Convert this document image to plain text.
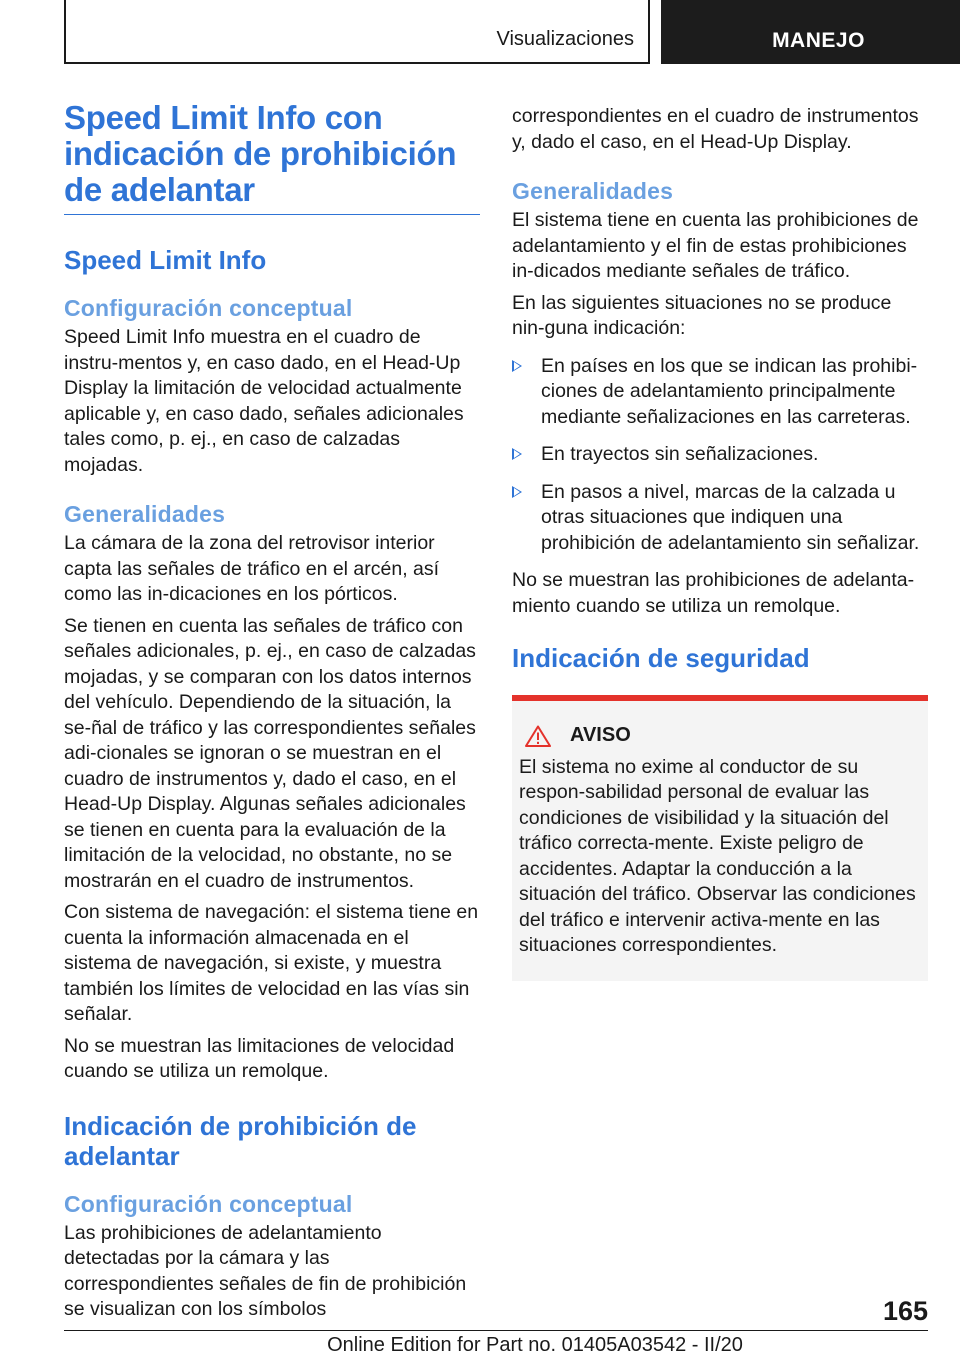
Visualizaciones	MANEJO
Speed Limit Info con indicación de prohibición de adelantar
Speed Limit Info
Configuración conceptual

Speed Limit Info muestra en el cuadro de instru‐mentos y, en caso dado, en el Head-Up Display la limitación de velocidad actualmente aplicable y, en caso dado, señales adicionales tales como, p. ej., en caso de calzadas mojadas.

Generalidades

La cámara de la zona del retrovisor interior capta las señales de tráfico en el arcén, así como las in‐dicaciones en los pórticos.

Se tienen en cuenta las señales de tráfico con señales adicionales, p. ej., en caso de calzadas mojadas, y se comparan con los datos internos del vehículo. Dependiendo de la situación, la se‐ñal de tráfico y las correspondientes señales adi‐cionales se ignoran o se muestran en el cuadro de instrumentos y, dado el caso, en el Head-Up Display. Algunas señales adicionales se tienen en cuenta para la evaluación de la limitación de la velocidad, no obstante, no se mostrarán en el cuadro de instrumentos.

Con sistema de navegación: el sistema tiene en cuenta la información almacenada en el sistema de navegación, si existe, y muestra también los límites de velocidad en las vías sin señalar.

No se muestran las limitaciones de velocidad cuando se utiliza un remolque.

Indicación de prohibición de adelantar
Configuración conceptual

Las prohibiciones de adelantamiento detectadas por la cámara y las correspondientes señales de fin de prohibición se visualizan con los símbolos

correspondientes en el cuadro de instrumentos y, dado el caso, en el Head-Up Display.

Generalidades

El sistema tiene en cuenta las prohibiciones de adelantamiento y el fin de estas prohibiciones in‐dicados mediante señales de tráfico.

En las siguientes situaciones no se produce nin‐guna indicación:

En países en los que se indican las prohibi‐ciones de adelantamiento principalmente mediante señalizaciones en las carreteras.
En trayectos sin señalizaciones.
En pasos a nivel, marcas de la calzada u otras situaciones que indiquen una prohibición de adelantamiento sin señalizar.

No se muestran las prohibiciones de adelanta‐miento cuando se utiliza un remolque.

Indicación de seguridad
AVISO

El sistema no exime al conductor de su respon‐sabilidad personal de evaluar las condiciones de visibilidad y la situación del tráfico correcta‐mente. Existe peligro de accidentes. Adaptar la conducción a la situación del tráfico. Observar las condiciones del tráfico e intervenir activa‐mente en las situaciones correspondientes.

165
Online Edition for Part no. 01405A03542 - II/20
